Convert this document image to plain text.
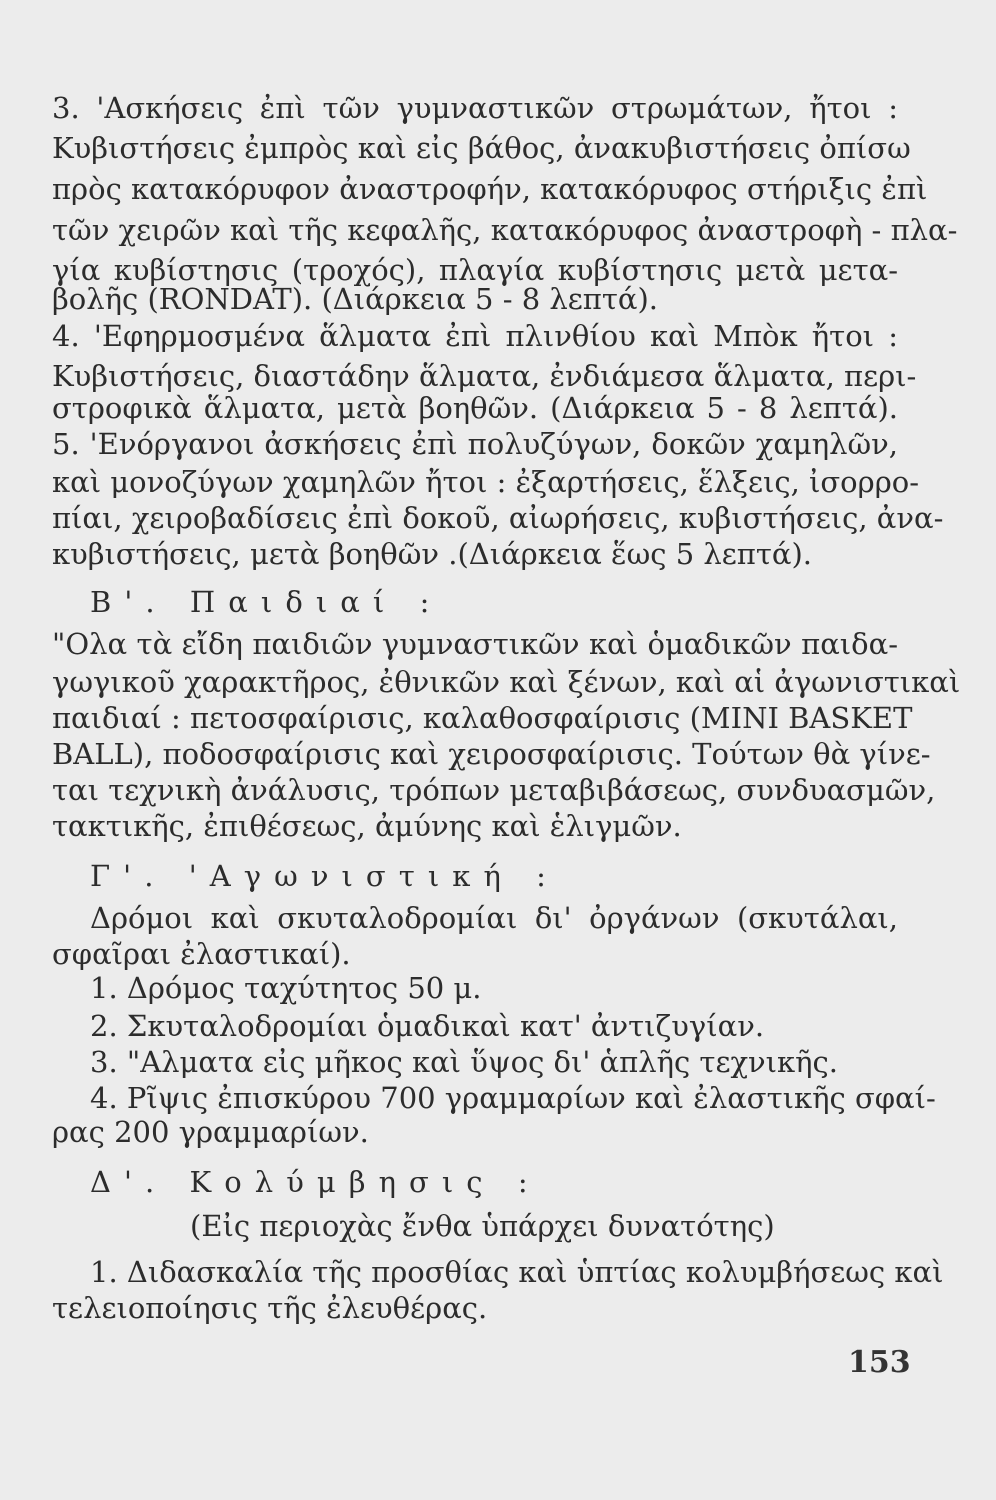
3. 'Ασκήσεις ἐπὶ τῶν γυμναστικῶν στρωμάτων, ἤτοι :
Κυβιστήσεις ἐμπρὸς καὶ εἰς βάθος, ἀνακυβιστήσεις ὀπίσω
πρὸς κατακόρυφον ἀναστροφήν, κατακόρυφος στήριξις ἐπὶ
τῶν χειρῶν καὶ τῆς κεφαλῆς, κατακόρυφος ἀναστροφὴ - πλα-
γία κυβίστησις (τροχός), πλαγία κυβίστησις μετὰ μετα-
βολῆς (RONDAT). (Διάρκεια 5 - 8 λεπτά).
4. 'Εφηρμοσμένα ἅλματα ἐπὶ πλινθίου καὶ Μπὸκ ἤτοι :
Κυβιστήσεις, διαστάδην ἅλματα, ἐνδιάμεσα ἅλματα, περι-
στροφικὰ ἅλματα, μετὰ βοηθῶν. (Διάρκεια 5 - 8 λεπτά).
5. 'Ενόργανοι ἀσκήσεις ἐπὶ πολυζύγων, δοκῶν χαμηλῶν,
καὶ μονοζύγων χαμηλῶν ἤτοι : ἐξαρτήσεις, ἕλξεις, ἰσορρο-
πίαι, χειροβαδίσεις ἐπὶ δοκοῦ, αἰωρήσεις, κυβιστήσεις, ἀνα-
κυβιστήσεις, μετὰ βοηθῶν .(Διάρκεια ἕως 5 λεπτά).
Β'. Παιδιαί :
"Ολα τὰ εἴδη παιδιῶν γυμναστικῶν καὶ ὁμαδικῶν παιδα-
γωγικοῦ χαρακτῆρος, ἐθνικῶν καὶ ξένων, καὶ αἱ ἀγωνιστικαὶ
παιδιαί : πετοσφαίρισις, καλαθοσφαίρισις (MINI BASKET
BALL), ποδοσφαίρισις καὶ χειροσφαίρισις. Τούτων θὰ γίνε-
ται τεχνικὴ ἀνάλυσις, τρόπων μεταβιβάσεως, συνδυασμῶν,
τακτικῆς, ἐπιθέσεως, ἀμύνης καὶ ἑλιγμῶν.
Γ'. 'Αγωνιστική :
Δρόμοι καὶ σκυταλοδρομίαι δι' ὀργάνων (σκυτάλαι,
σφαῖραι ἐλαστικαί).
1. Δρόμος ταχύτητος 50 μ.
2. Σκυταλοδρομίαι ὁμαδικαὶ κατ' ἀντιζυγίαν.
3. "Αλματα εἰς μῆκος καὶ ὕψος δι' ἁπλῆς τεχνικῆς.
4. Ρῖψις ἐπισκύρου 700 γραμμαρίων καὶ ἐλαστικῆς σφαί-
ρας 200 γραμμαρίων.
Δ'. Κολύμβησις :
(Εἰς περιοχὰς ἔνθα ὑπάρχει δυνατότης)
1. Διδασκαλία τῆς προσθίας καὶ ὑπτίας κολυμβήσεως καὶ
τελειοποίησις τῆς ἐλευθέρας.
153
